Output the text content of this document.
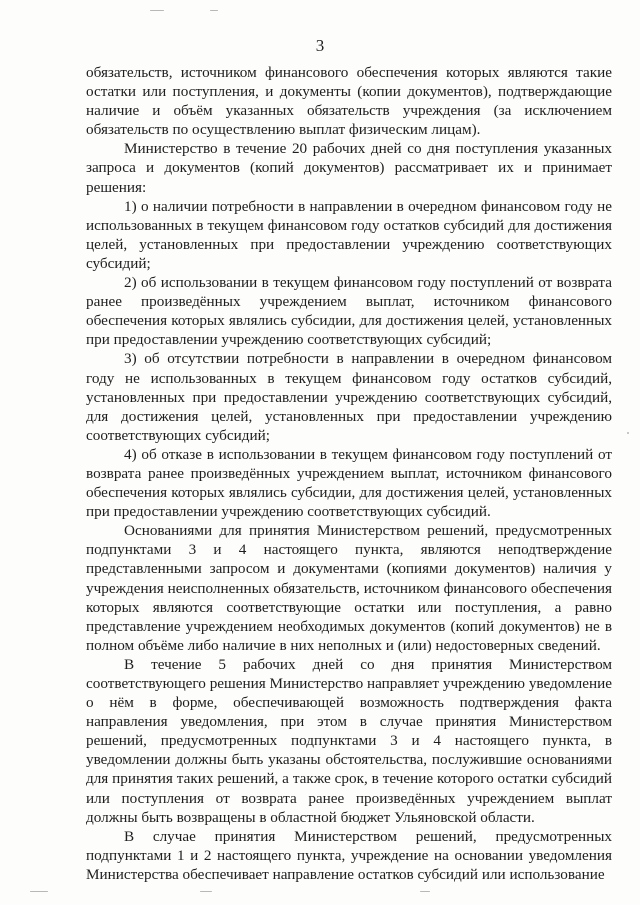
3

обязательств, источником финансового обеспечения которых являются такие остатки или поступления, и документы (копии документов), подтверждающие наличие и объём указанных обязательств учреждения (за исключением обязательств по осуществлению выплат физическим лицам).

Министерство в течение 20 рабочих дней со дня поступления указанных запроса и документов (копий документов) рассматривает их и принимает решения:

1) о наличии потребности в направлении в очередном финансовом году не использованных в текущем финансовом году остатков субсидий для достижения целей, установленных при предоставлении учреждению соответствующих субсидий;

2) об использовании в текущем финансовом году поступлений от возврата ранее произведённых учреждением выплат, источником финансового обеспечения которых являлись субсидии, для достижения целей, установленных при предоставлении учреждению соответствующих субсидий;

3) об отсутствии потребности в направлении в очередном финансовом году не использованных в текущем финансовом году остатков субсидий, установленных при предоставлении учреждению соответствующих субсидий, для достижения целей, установленных при предоставлении учреждению соответствующих субсидий;

4) об отказе в использовании в текущем финансовом году поступлений от возврата ранее произведённых учреждением выплат, источником финансового обеспечения которых являлись субсидии, для достижения целей, установленных при предоставлении учреждению соответствующих субсидий.

Основаниями для принятия Министерством решений, предусмотренных подпунктами 3 и 4 настоящего пункта, являются неподтверждение представленными запросом и документами (копиями документов) наличия у учреждения неисполненных обязательств, источником финансового обеспечения которых являются соответствующие остатки или поступления, а равно представление учреждением необходимых документов (копий документов) не в полном объёме либо наличие в них неполных и (или) недостоверных сведений.

В течение 5 рабочих дней со дня принятия Министерством соответствующего решения Министерство направляет учреждению уведомление о нём в форме, обеспечивающей возможность подтверждения факта направления уведомления, при этом в случае принятия Министерством решений, предусмотренных подпунктами 3 и 4 настоящего пункта, в уведомлении должны быть указаны обстоятельства, послужившие основаниями для принятия таких решений, а также срок, в течение которого остатки субсидий или поступления от возврата ранее произведённых учреждением выплат должны быть возвращены в областной бюджет Ульяновской области.

В случае принятия Министерством решений, предусмотренных подпунктами 1 и 2 настоящего пункта, учреждение на основании уведомления Министерства обеспечивает направление остатков субсидий или использование
